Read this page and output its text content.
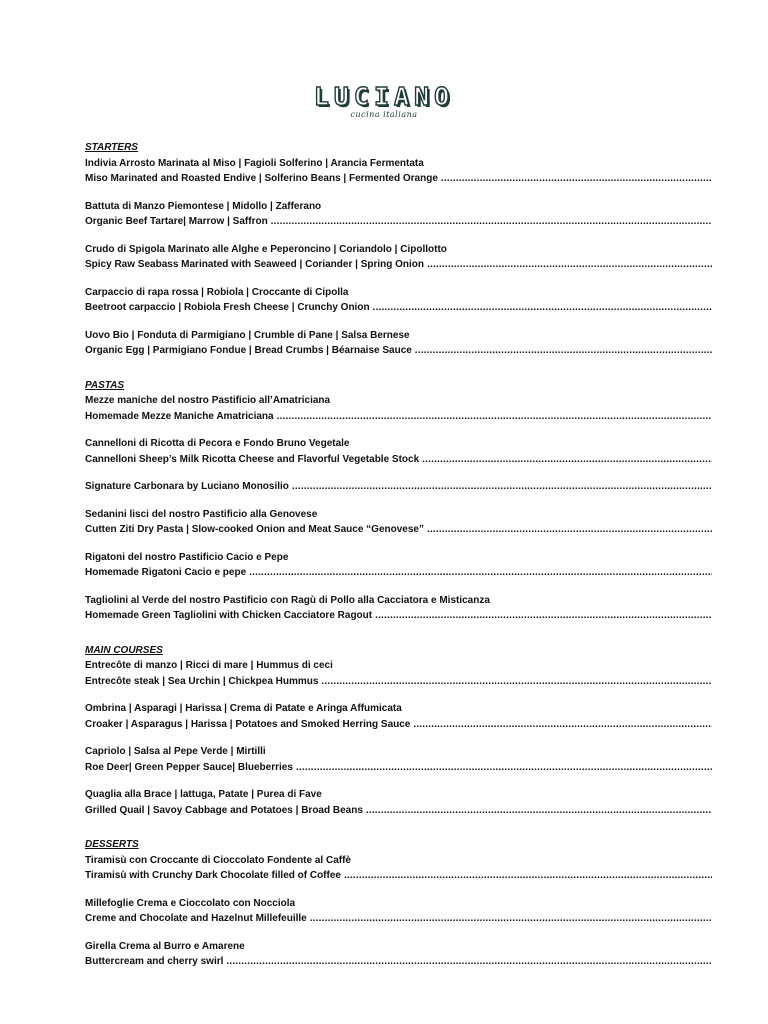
LUCIANO
cucina italiana
STARTERS
Indivia Arrosto Marinata al Miso | Fagioli Solferino | Arancia Fermentata
Miso Marinated and Roasted Endive | Solferino Beans | Fermented Orange .....
Battuta di Manzo Piemontese | Midollo | Zafferano
Organic Beef Tartare| Marrow | Saffron .....
Crudo di Spigola Marinato alle Alghe e Peperoncino | Coriandolo | Cipollotto
Spicy Raw Seabass Marinated with Seaweed | Coriander | Spring Onion .....
Carpaccio di rapa rossa | Robiola | Croccante di Cipolla
Beetroot carpaccio | Robiola Fresh Cheese | Crunchy Onion .....
Uovo Bio | Fonduta di Parmigiano | Crumble di Pane | Salsa Bernese
Organic Egg | Parmigiano Fondue | Bread Crumbs | Béarnaise Sauce .....
PASTAS
Mezze maniche del nostro Pastificio all’Amatriciana
Homemade Mezze Maniche Amatriciana .....
Cannelloni di Ricotta di Pecora e Fondo Bruno Vegetale
Cannelloni Sheep’s Milk Ricotta Cheese and Flavorful Vegetable Stock .....
Signature Carbonara by Luciano Monosilio .....
Sedanini lisci del nostro Pastificio alla Genovese
Cutten Ziti Dry Pasta | Slow-cooked Onion and Meat Sauce “Genovese” .....
Rigatoni del nostro Pastificio Cacio e Pepe
Homemade Rigatoni Cacio e pepe .....
Tagliolini al Verde del nostro Pastificio con Ragù di Pollo alla Cacciatora e Misticanza
Homemade Green Tagliolini with Chicken Cacciatore Ragout .....
MAIN COURSES
Entrecôte di manzo | Ricci di mare | Hummus di ceci
Entrecôte steak | Sea Urchin | Chickpea Hummus .....
Ombrina | Asparagi | Harissa | Crema di Patate e Aringa Affumicata
Croaker | Asparagus | Harissa | Potatoes and Smoked Herring Sauce .....
Capriolo | Salsa al Pepe Verde | Mirtilli
Roe Deer| Green Pepper Sauce| Blueberries .....
Quaglia alla Brace | lattuga, Patate | Purea di Fave
Grilled Quail | Savoy Cabbage and Potatoes | Broad Beans .....
DESSERTS
Tiramisù con Croccante di Cioccolato Fondente al Caffè
Tiramisù with Crunchy Dark Chocolate filled of Coffee .....
Millefoglie Crema e Cioccolato con Nocciola
Creme and Chocolate and Hazelnut Millefeuille .....
Girella Crema al Burro e Amarene
Buttercream and cherry swirl .....
